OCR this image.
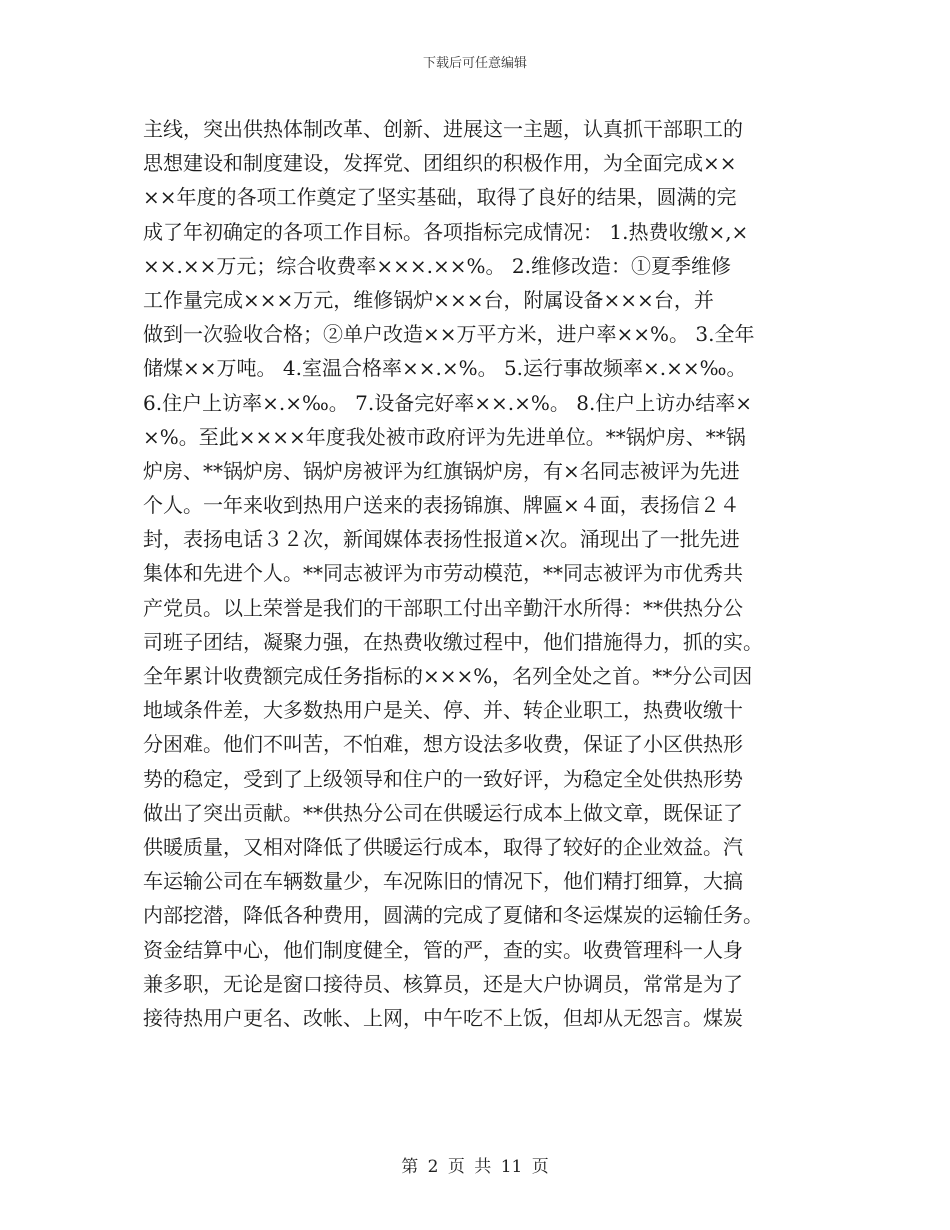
下载后可任意编辑
主线，突出供热体制改革、创新、进展这一主题，认真抓干部职工的
思想建设和制度建设，发挥党、团组织的积极作用，为全面完成××
××年度的各项工作奠定了坚实基础，取得了良好的结果，圆满的完
成了年初确定的各项工作目标。各项指标完成情况： 1.热费收缴×,×
××.××万元；综合收费率×××.××%。 2.维修改造：①夏季维修
工作量完成×××万元，维修锅炉×××台，附属设备×××台，并
做到一次验收合格；②单户改造××万平方米，进户率××%。 3.全年
储煤××万吨。 4.室温合格率××.×%。 5.运行事故频率×.××‰。
6.住户上访率×.×‰。 7.设备完好率××.×%。 8.住户上访办结率×
×%。至此××××年度我处被市政府评为先进单位。**锅炉房、**锅
炉房、**锅炉房、锅炉房被评为红旗锅炉房，有×名同志被评为先进
个人。一年来收到热用户送来的表扬锦旗、牌匾×４面，表扬信２４
封，表扬电话３２次，新闻媒体表扬性报道×次。涌现出了一批先进
集体和先进个人。**同志被评为市劳动模范，**同志被评为市优秀共
产党员。以上荣誉是我们的干部职工付出辛勤汗水所得：**供热分公
司班子团结，凝聚力强，在热费收缴过程中，他们措施得力，抓的实。
全年累计收费额完成任务指标的×××%，名列全处之首。**分公司因
地域条件差，大多数热用户是关、停、并、转企业职工，热费收缴十
分困难。他们不叫苦，不怕难，想方设法多收费，保证了小区供热形
势的稳定，受到了上级领导和住户的一致好评，为稳定全处供热形势
做出了突出贡献。**供热分公司在供暖运行成本上做文章，既保证了
供暖质量，又相对降低了供暖运行成本，取得了较好的企业效益。汽
车运输公司在车辆数量少，车况陈旧的情况下，他们精打细算，大搞
内部挖潜，降低各种费用，圆满的完成了夏储和冬运煤炭的运输任务。
资金结算中心，他们制度健全，管的严，查的实。收费管理科一人身
兼多职，无论是窗口接待员、核算员，还是大户协调员，常常是为了
接待热用户更名、改帐、上网，中午吃不上饭，但却从无怨言。煤炭
第 2 页 共 11 页
